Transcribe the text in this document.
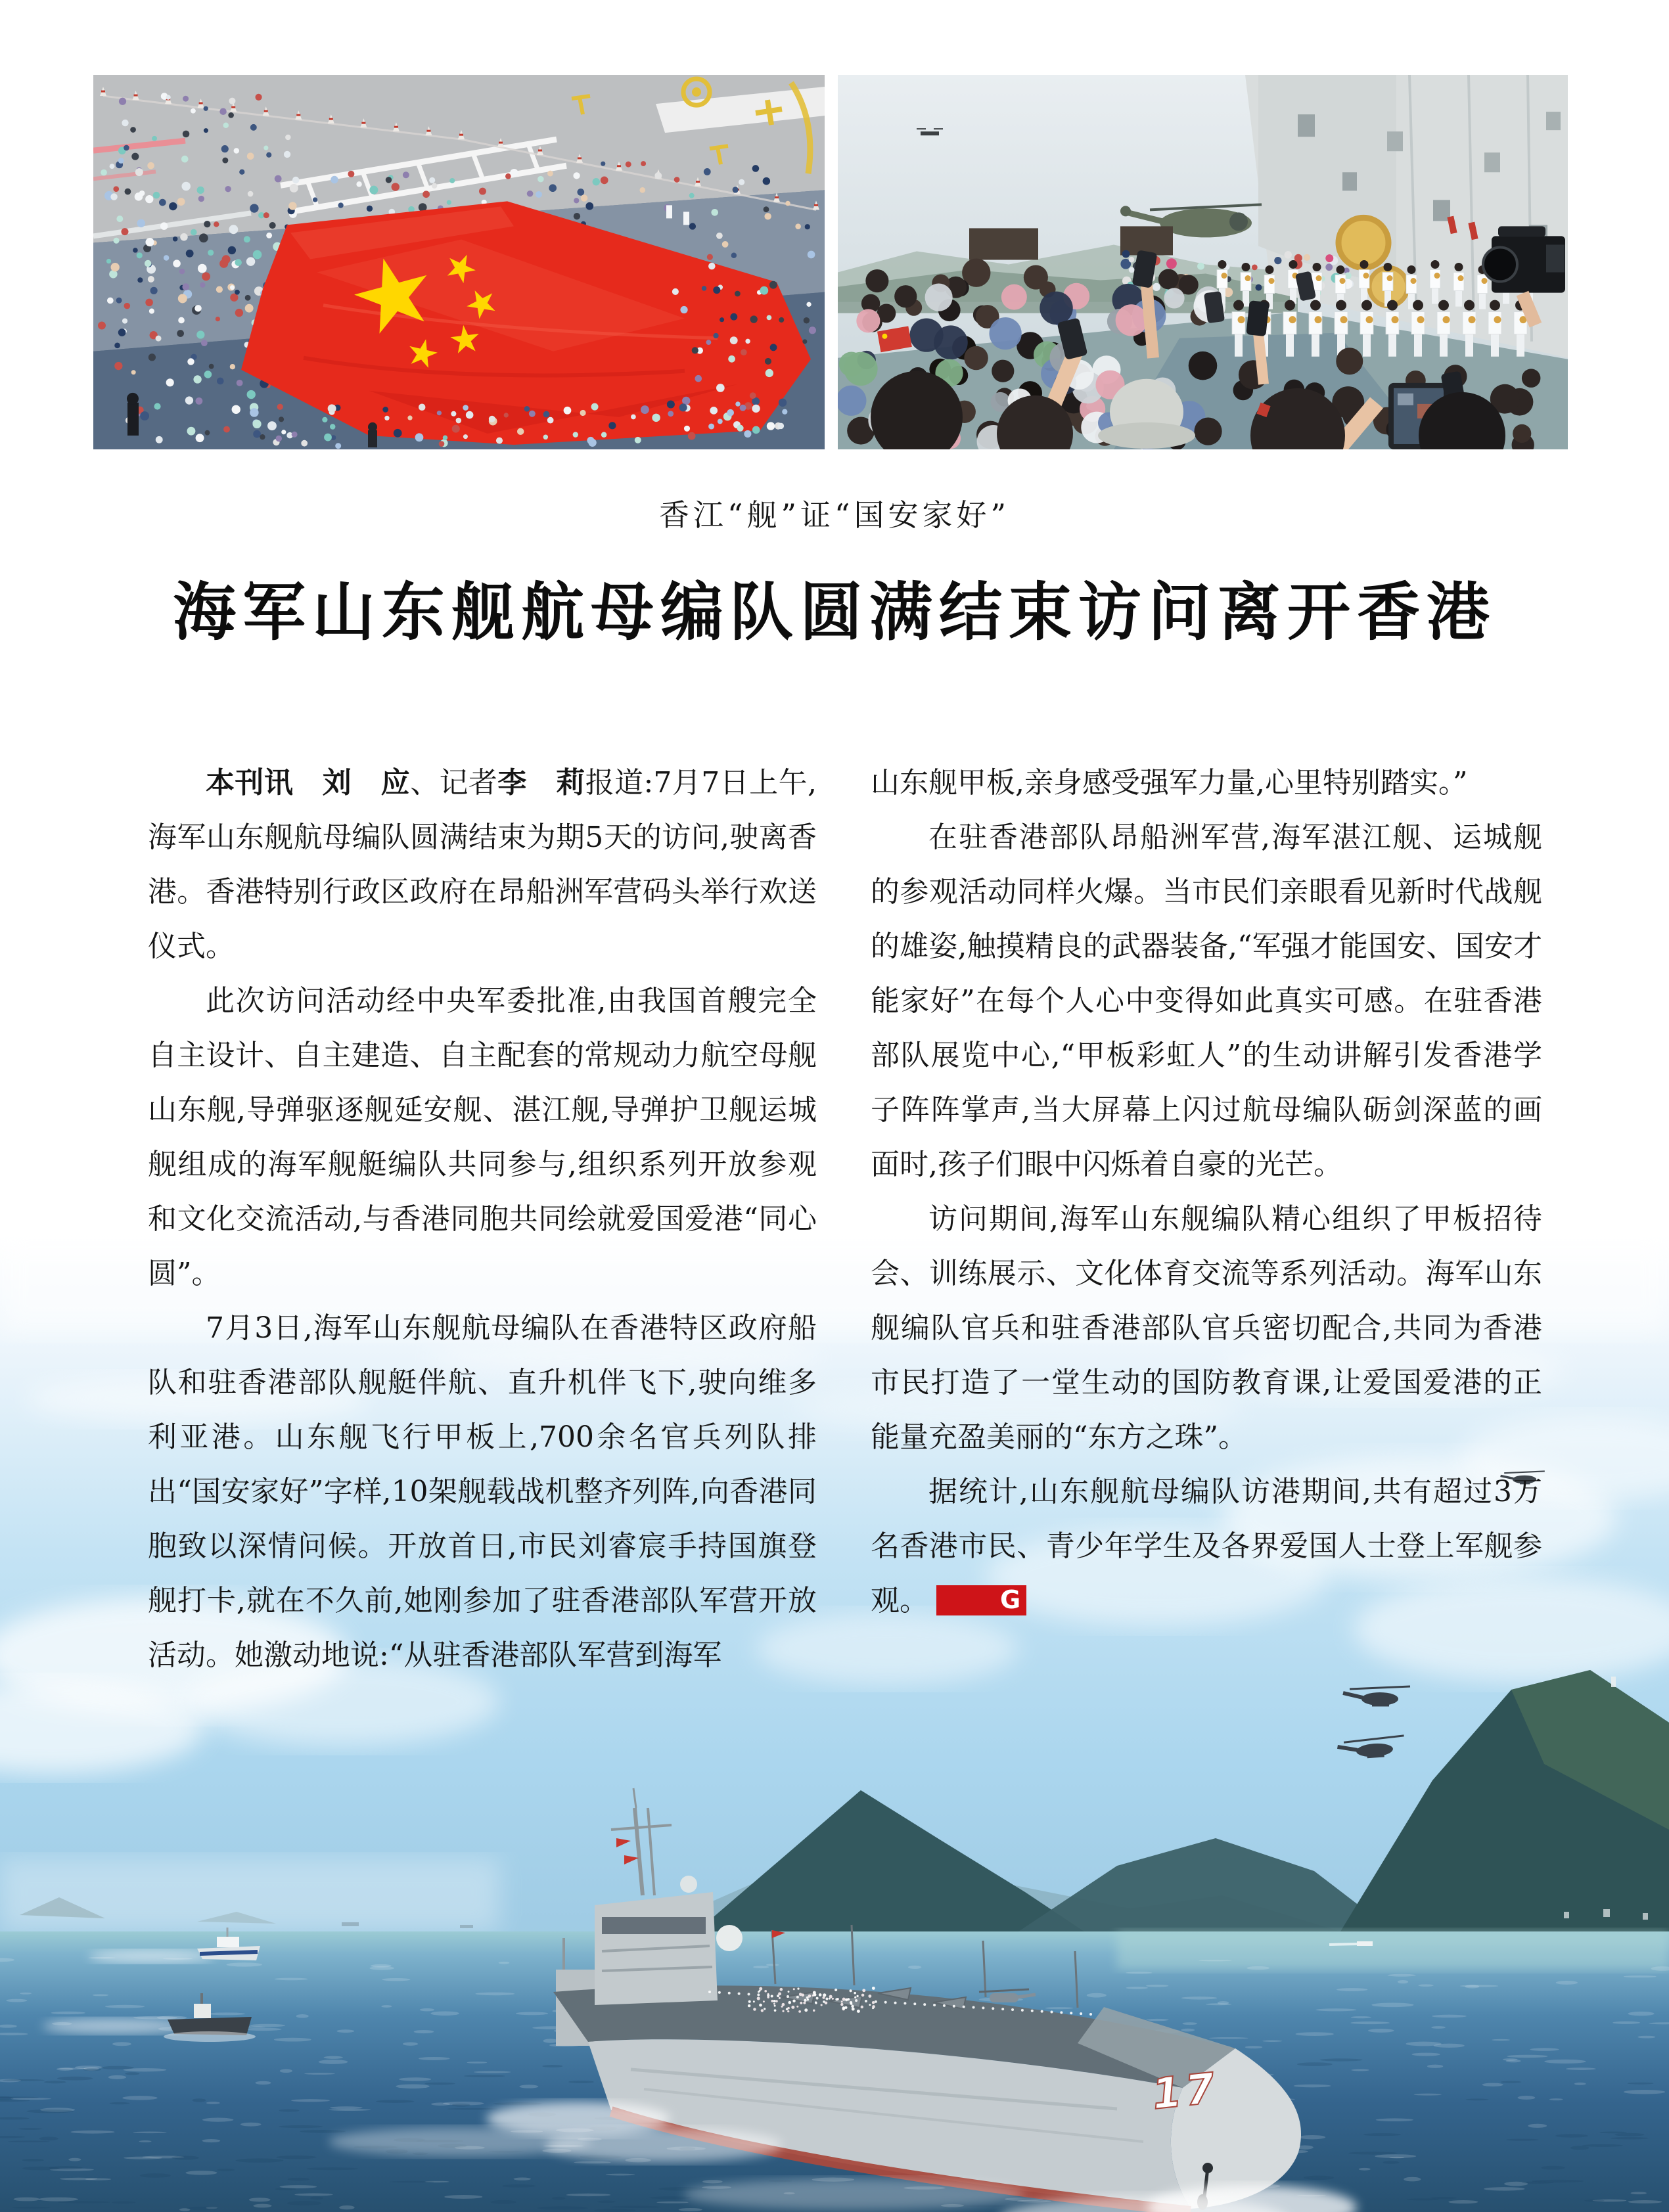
香江“舰”证“国安家好”
海军山东舰航母编队圆满结束访问离开香港

本刊讯　刘　应、记者李　莉报道:7月7日上午,海军山东舰航母编队圆满结束为期5天的访问,驶离香港。香港特别行政区政府在昂船洲军营码头举行欢送仪式。

此次访问活动经中央军委批准,由我国首艘完全自主设计、自主建造、自主配套的常规动力航空母舰山东舰,导弹驱逐舰延安舰、湛江舰,导弹护卫舰运城舰组成的海军舰艇编队共同参与,组织系列开放参观和文化交流活动,与香港同胞共同绘就爱国爱港“同心圆”。

7月3日,海军山东舰航母编队在香港特区政府船队和驻香港部队舰艇伴航、直升机伴飞下,驶向维多利亚港。山东舰飞行甲板上,700余名官兵列队排出“国安家好”字样,10架舰载战机整齐列阵,向香港同胞致以深情问候。开放首日,市民刘睿宸手持国旗登舰打卡,就在不久前,她刚参加了驻香港部队军营开放活动。她激动地说:“从驻香港部队军营到海军

山东舰甲板,亲身感受强军力量,心里特别踏实。”

在驻香港部队昂船洲军营,海军湛江舰、运城舰的参观活动同样火爆。当市民们亲眼看见新时代战舰的雄姿,触摸精良的武器装备,“军强才能国安、国安才能家好”在每个人心中变得如此真实可感。在驻香港部队展览中心,“甲板彩虹人”的生动讲解引发香港学子阵阵掌声,当大屏幕上闪过航母编队砺剑深蓝的画面时,孩子们眼中闪烁着自豪的光芒。

访问期间,海军山东舰编队精心组织了甲板招待会、训练展示、文化体育交流等系列活动。海军山东舰编队官兵和驻香港部队官兵密切配合,共同为香港市民打造了一堂生动的国防教育课,让爱国爱港的正能量充盈美丽的“东方之珠”。

据统计,山东舰航母编队访港期间,共有超过3万名香港市民、青少年学生及各界爱国人士登上军舰参观。	G

17
